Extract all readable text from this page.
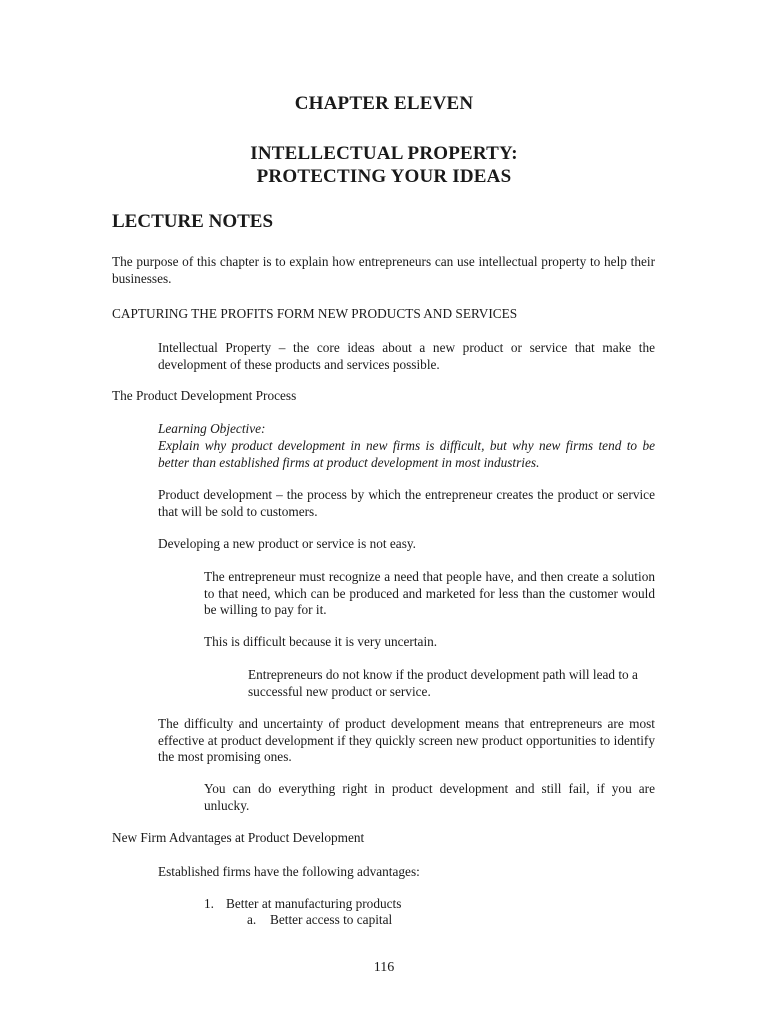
CHAPTER ELEVEN
INTELLECTUAL PROPERTY:
PROTECTING YOUR IDEAS
LECTURE NOTES
The purpose of this chapter is to explain how entrepreneurs can use intellectual property to help their businesses.
CAPTURING THE PROFITS FORM NEW PRODUCTS AND SERVICES
Intellectual Property – the core ideas about a new product or service that make the development of these products and services possible.
The Product Development Process
Learning Objective:
Explain why product development in new firms is difficult, but why new firms tend to be better than established firms at product development in most industries.
Product development – the process by which the entrepreneur creates the product or service that will be sold to customers.
Developing a new product or service is not easy.
The entrepreneur must recognize a need that people have, and then create a solution to that need, which can be produced and marketed for less than the customer would be willing to pay for it.
This is difficult because it is very uncertain.
Entrepreneurs do not know if the product development path will lead to a successful new product or service.
The difficulty and uncertainty of product development means that entrepreneurs are most effective at product development if they quickly screen new product opportunities to identify the most promising ones.
You can do everything right in product development and still fail, if you are unlucky.
New Firm Advantages at Product Development
Established firms have the following advantages:
1. Better at manufacturing products
a.	Better access to capital
116
